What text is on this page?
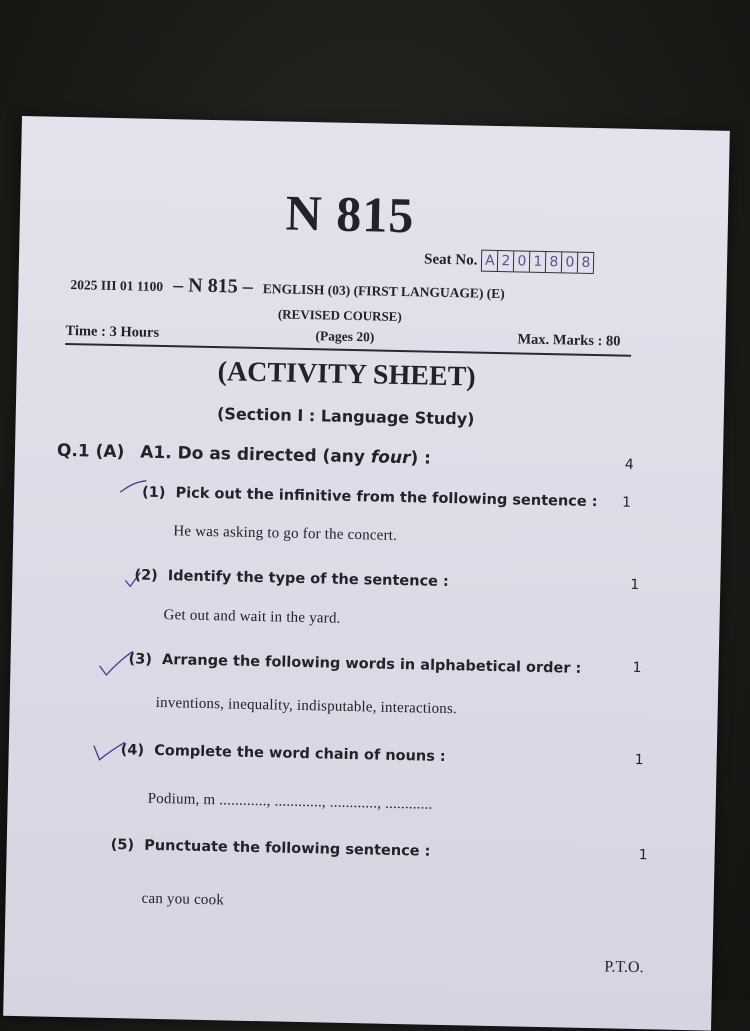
N 815
Seat No. A 2 0 1 8 0 8
2025 III 01 1100 – N 815 – ENGLISH (03) (FIRST LANGUAGE) (E)
(REVISED COURSE)
Time : 3 Hours	(Pages 20)	Max. Marks : 80
(ACTIVITY SHEET)
(Section I : Language Study)
Q.1 (A) A1. Do as directed (any four) :	4
(1) Pick out the infinitive from the following sentence : 1
He was asking to go for the concert.
(2) Identify the type of the sentence :	1
Get out and wait in the yard.
(3) Arrange the following words in alphabetical order :	1
inventions, inequality, indisputable, interactions.
(4) Complete the word chain of nouns :	1
Podium, m ............, ............, ............, ............
(5) Punctuate the following sentence :	1
can you cook
P.T.O.
